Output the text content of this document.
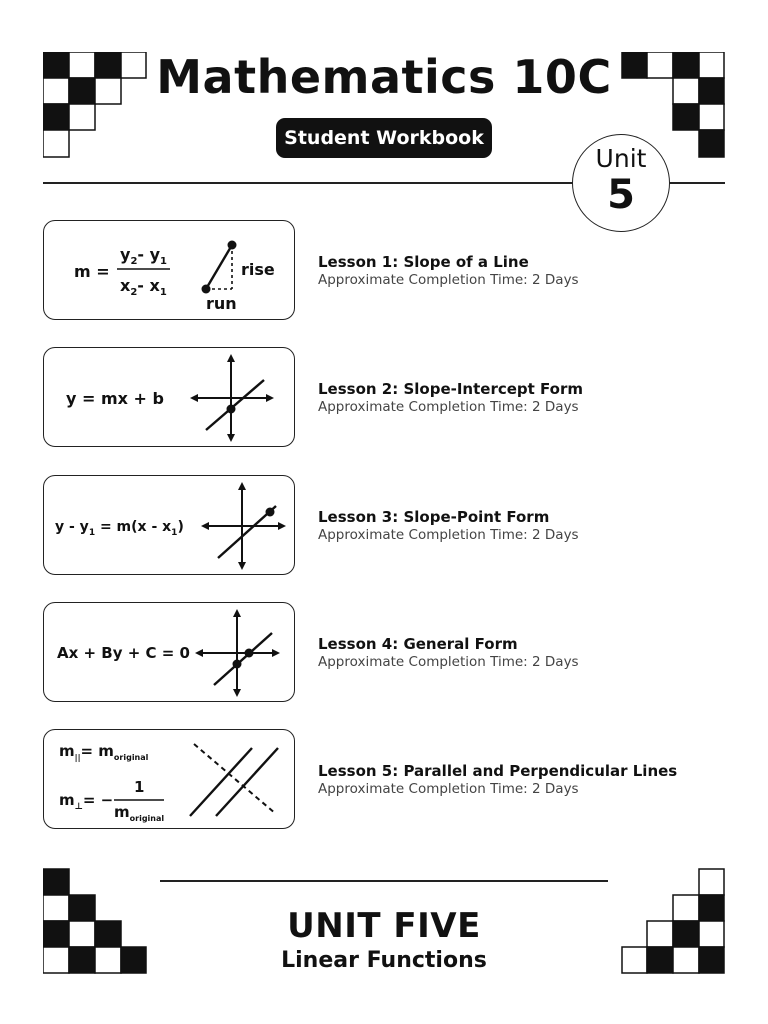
Mathematics 10C
Student Workbook
Unit
5
m =
$y_2-$ $y_1$
$x_2-$ $x_1$
rise
run
Lesson 1: Slope of a Line
Approximate Completion Time: 2 Days
y = mx + b	Lesson 2: Slope-Intercept Form
Approximate Completion Time: 2 Days
$y - y_1 = m(x - x_1)$
Lesson 3: Slope-Point Form
Approximate Completion Time: 2 Days
Ax + By + C = 0	Lesson 4: General Form
Approximate Completion Time: 2 Days
$m_{||}= m_{original}$
$m_\perp=$ −
1
$m_{original}$
Lesson 5: Parallel and Perpendicular Lines
Approximate Completion Time: 2 Days
UNIT FIVE
Linear Functions
